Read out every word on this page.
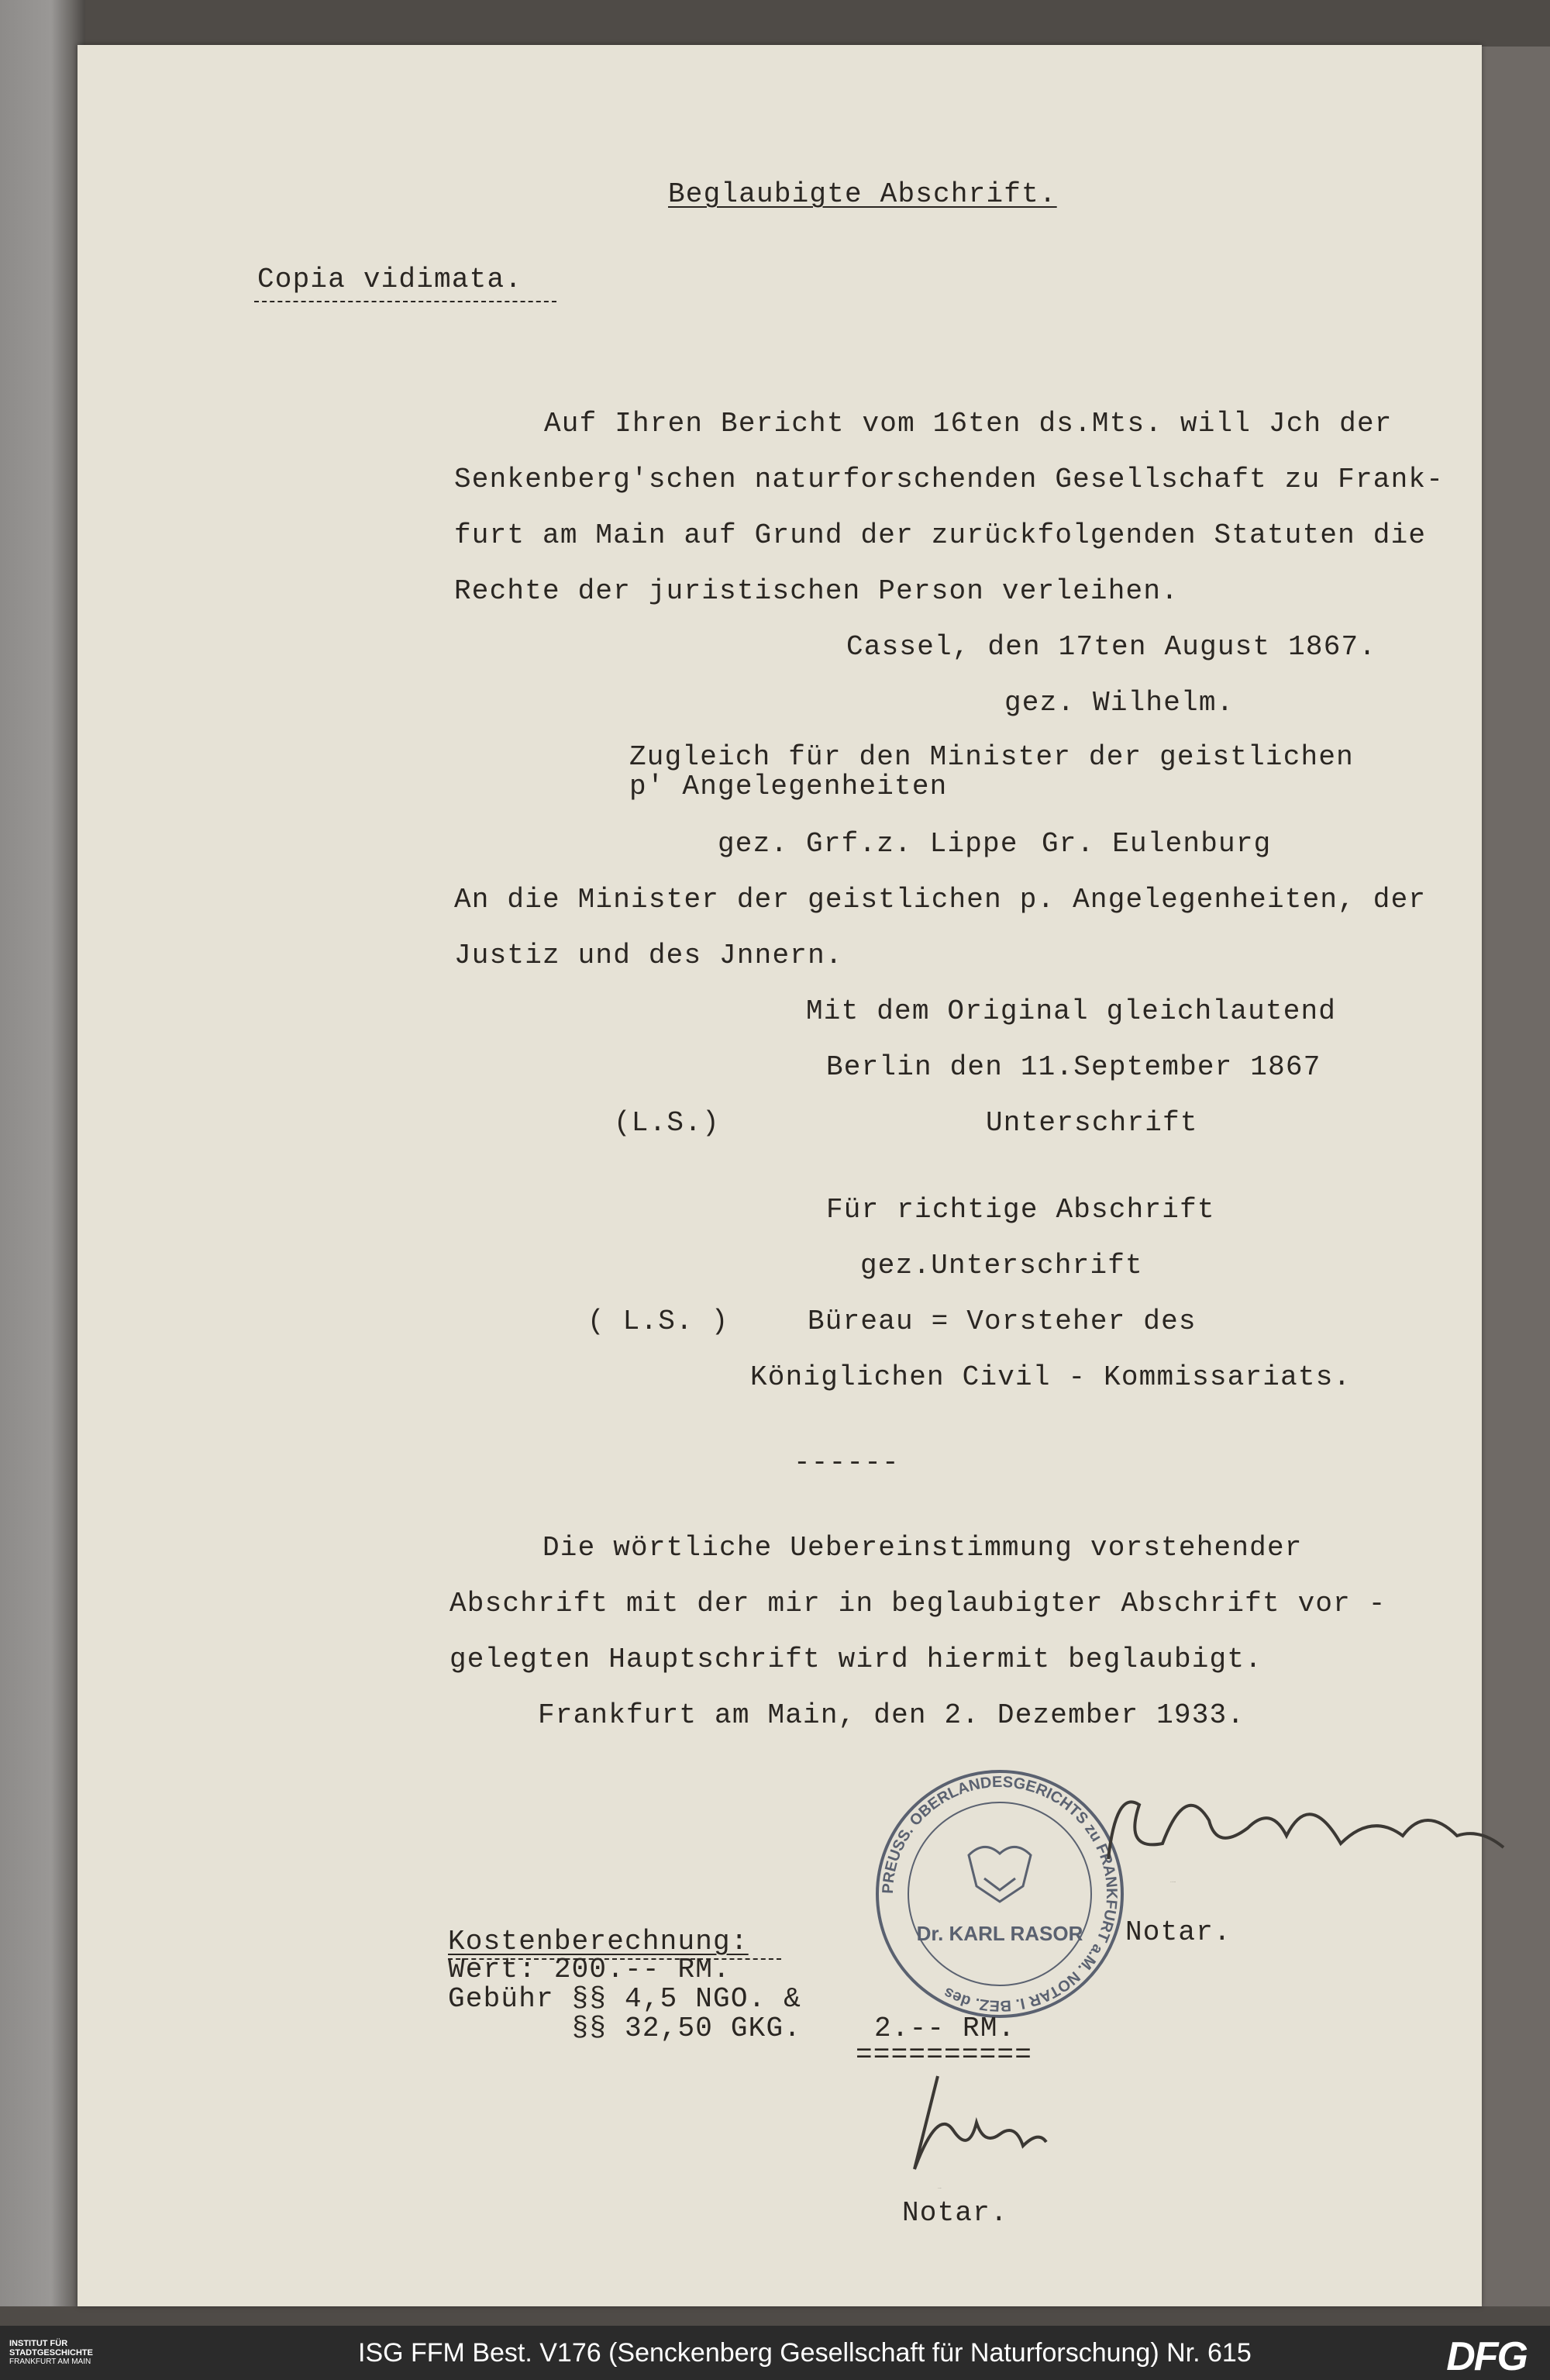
Beglaubigte Abschrift.
Copia vidimata.
Auf Ihren Bericht vom 16ten ds.Mts. will Jch der
Senkenberg'schen naturforschenden Gesellschaft zu Frank-
furt am Main auf Grund der zurückfolgenden Statuten die
Rechte der juristischen Person verleihen.
Cassel, den 17ten August 1867.
gez. Wilhelm.
Zugleich für den Minister der geistlichen
p' Angelegenheiten
gez. Grf.z. Lippe Gr. Eulenburg
An die Minister der geistlichen p. Angelegenheiten, der
Justiz und des Jnnern.
Mit dem Original gleichlautend
Berlin den 11.September 1867
(L.S.)	Unterschrift
Für richtige Abschrift
gez.Unterschrift
( L.S. )	Büreau = Vorsteher des
Königlichen Civil - Kommissariats.
------
Die wörtliche Uebereinstimmung vorstehender
Abschrift mit der mir in beglaubigter Abschrift vor -
gelegten Hauptschrift wird hiermit beglaubigt.
Frankfurt am Main, den 2. Dezember 1933.
PREUSS. OBERLANDESGERICHTS zu FRANKFURT a.M. NOTAR I. BEZ. des
Dr. KARL RASOR
Dr Karl Rasor
Notar.
Kostenberechnung:
Wert: 200.-- RM.
Gebühr §§ 4,5 NGO. &
§§ 32,50 GKG.	2.-- RM.
==========
Dr Rasor
Notar.
INSTITUT FÜR
STADTGESCHICHTE
FRANKFURT AM MAIN	ISG FFM Best. V176 (Senckenberg Gesellschaft für Naturforschung) Nr. 615	DFG
